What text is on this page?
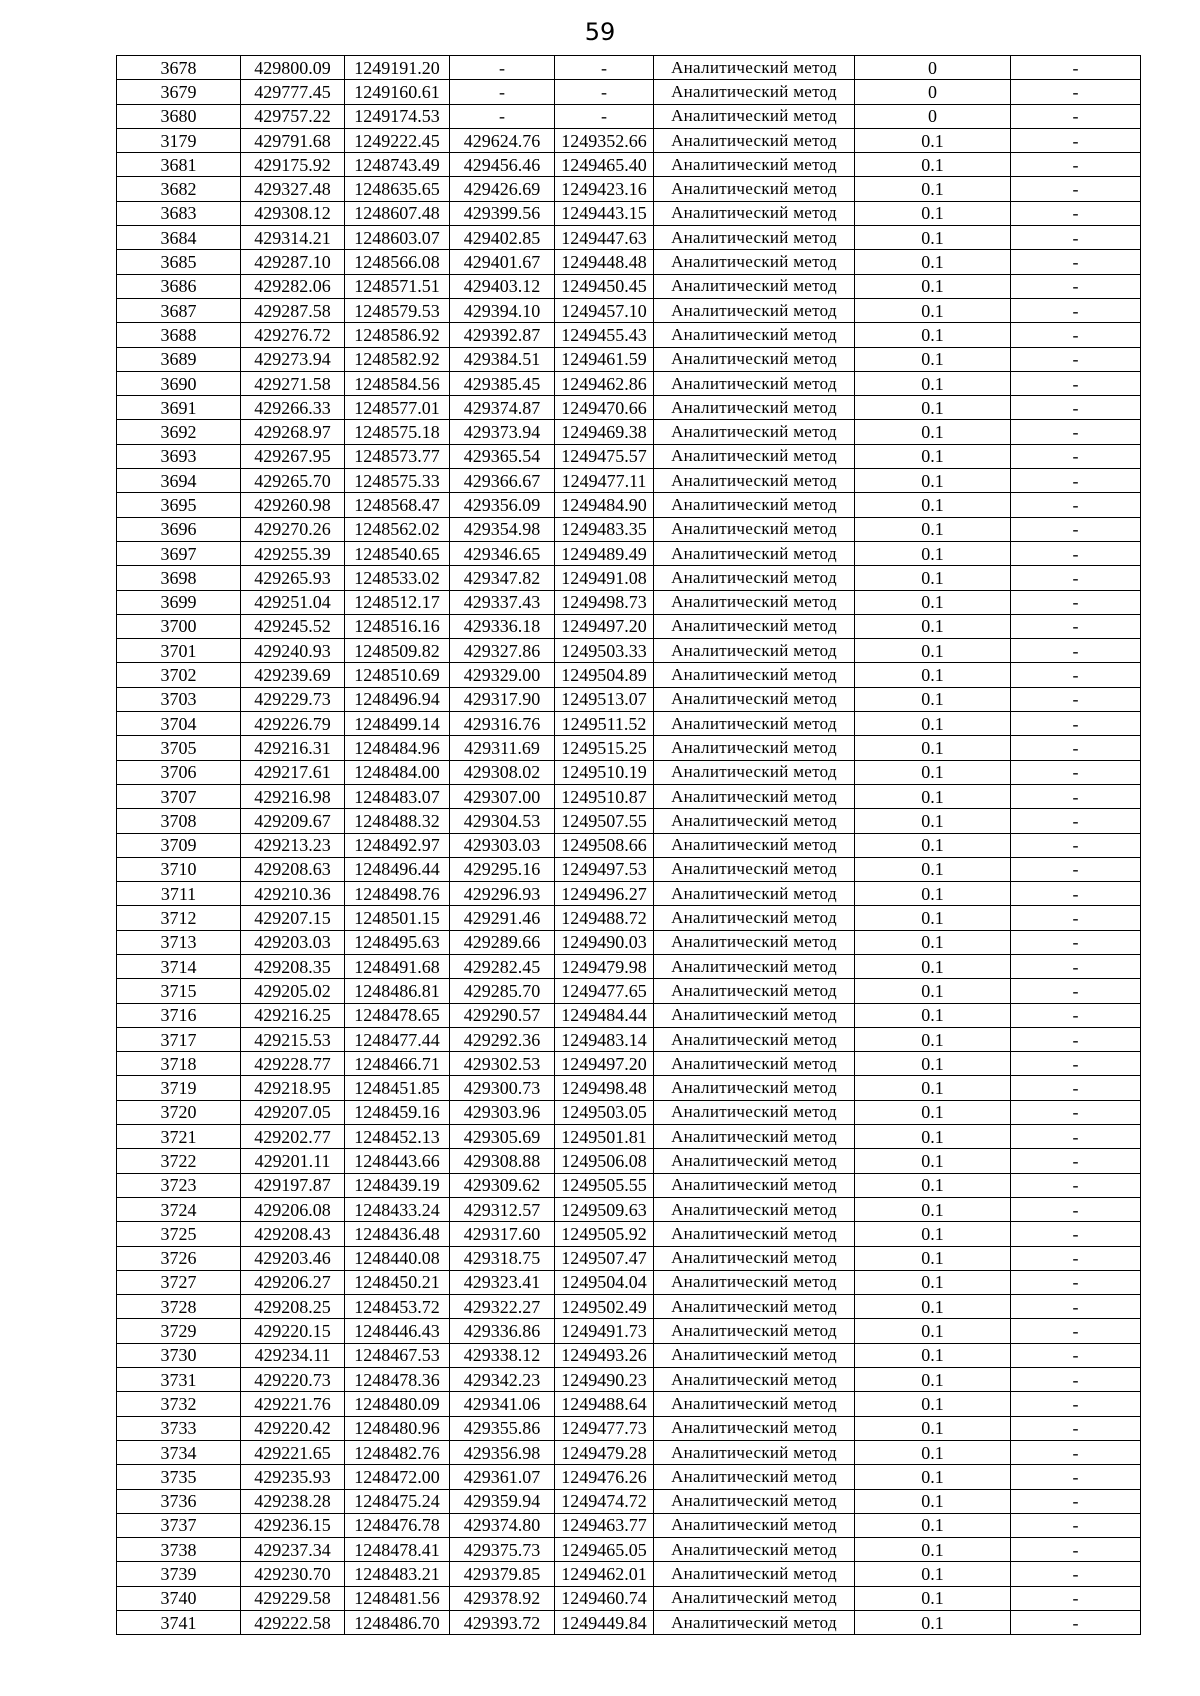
59
3678	429800.09	1249191.20	-	-	Аналитический метод	0	-
3679	429777.45	1249160.61	-	-	Аналитический метод	0	-
3680	429757.22	1249174.53	-	-	Аналитический метод	0	-
3179	429791.68	1249222.45	429624.76	1249352.66	Аналитический метод	0.1	-
3681	429175.92	1248743.49	429456.46	1249465.40	Аналитический метод	0.1	-
3682	429327.48	1248635.65	429426.69	1249423.16	Аналитический метод	0.1	-
3683	429308.12	1248607.48	429399.56	1249443.15	Аналитический метод	0.1	-
3684	429314.21	1248603.07	429402.85	1249447.63	Аналитический метод	0.1	-
3685	429287.10	1248566.08	429401.67	1249448.48	Аналитический метод	0.1	-
3686	429282.06	1248571.51	429403.12	1249450.45	Аналитический метод	0.1	-
3687	429287.58	1248579.53	429394.10	1249457.10	Аналитический метод	0.1	-
3688	429276.72	1248586.92	429392.87	1249455.43	Аналитический метод	0.1	-
3689	429273.94	1248582.92	429384.51	1249461.59	Аналитический метод	0.1	-
3690	429271.58	1248584.56	429385.45	1249462.86	Аналитический метод	0.1	-
3691	429266.33	1248577.01	429374.87	1249470.66	Аналитический метод	0.1	-
3692	429268.97	1248575.18	429373.94	1249469.38	Аналитический метод	0.1	-
3693	429267.95	1248573.77	429365.54	1249475.57	Аналитический метод	0.1	-
3694	429265.70	1248575.33	429366.67	1249477.11	Аналитический метод	0.1	-
3695	429260.98	1248568.47	429356.09	1249484.90	Аналитический метод	0.1	-
3696	429270.26	1248562.02	429354.98	1249483.35	Аналитический метод	0.1	-
3697	429255.39	1248540.65	429346.65	1249489.49	Аналитический метод	0.1	-
3698	429265.93	1248533.02	429347.82	1249491.08	Аналитический метод	0.1	-
3699	429251.04	1248512.17	429337.43	1249498.73	Аналитический метод	0.1	-
3700	429245.52	1248516.16	429336.18	1249497.20	Аналитический метод	0.1	-
3701	429240.93	1248509.82	429327.86	1249503.33	Аналитический метод	0.1	-
3702	429239.69	1248510.69	429329.00	1249504.89	Аналитический метод	0.1	-
3703	429229.73	1248496.94	429317.90	1249513.07	Аналитический метод	0.1	-
3704	429226.79	1248499.14	429316.76	1249511.52	Аналитический метод	0.1	-
3705	429216.31	1248484.96	429311.69	1249515.25	Аналитический метод	0.1	-
3706	429217.61	1248484.00	429308.02	1249510.19	Аналитический метод	0.1	-
3707	429216.98	1248483.07	429307.00	1249510.87	Аналитический метод	0.1	-
3708	429209.67	1248488.32	429304.53	1249507.55	Аналитический метод	0.1	-
3709	429213.23	1248492.97	429303.03	1249508.66	Аналитический метод	0.1	-
3710	429208.63	1248496.44	429295.16	1249497.53	Аналитический метод	0.1	-
3711	429210.36	1248498.76	429296.93	1249496.27	Аналитический метод	0.1	-
3712	429207.15	1248501.15	429291.46	1249488.72	Аналитический метод	0.1	-
3713	429203.03	1248495.63	429289.66	1249490.03	Аналитический метод	0.1	-
3714	429208.35	1248491.68	429282.45	1249479.98	Аналитический метод	0.1	-
3715	429205.02	1248486.81	429285.70	1249477.65	Аналитический метод	0.1	-
3716	429216.25	1248478.65	429290.57	1249484.44	Аналитический метод	0.1	-
3717	429215.53	1248477.44	429292.36	1249483.14	Аналитический метод	0.1	-
3718	429228.77	1248466.71	429302.53	1249497.20	Аналитический метод	0.1	-
3719	429218.95	1248451.85	429300.73	1249498.48	Аналитический метод	0.1	-
3720	429207.05	1248459.16	429303.96	1249503.05	Аналитический метод	0.1	-
3721	429202.77	1248452.13	429305.69	1249501.81	Аналитический метод	0.1	-
3722	429201.11	1248443.66	429308.88	1249506.08	Аналитический метод	0.1	-
3723	429197.87	1248439.19	429309.62	1249505.55	Аналитический метод	0.1	-
3724	429206.08	1248433.24	429312.57	1249509.63	Аналитический метод	0.1	-
3725	429208.43	1248436.48	429317.60	1249505.92	Аналитический метод	0.1	-
3726	429203.46	1248440.08	429318.75	1249507.47	Аналитический метод	0.1	-
3727	429206.27	1248450.21	429323.41	1249504.04	Аналитический метод	0.1	-
3728	429208.25	1248453.72	429322.27	1249502.49	Аналитический метод	0.1	-
3729	429220.15	1248446.43	429336.86	1249491.73	Аналитический метод	0.1	-
3730	429234.11	1248467.53	429338.12	1249493.26	Аналитический метод	0.1	-
3731	429220.73	1248478.36	429342.23	1249490.23	Аналитический метод	0.1	-
3732	429221.76	1248480.09	429341.06	1249488.64	Аналитический метод	0.1	-
3733	429220.42	1248480.96	429355.86	1249477.73	Аналитический метод	0.1	-
3734	429221.65	1248482.76	429356.98	1249479.28	Аналитический метод	0.1	-
3735	429235.93	1248472.00	429361.07	1249476.26	Аналитический метод	0.1	-
3736	429238.28	1248475.24	429359.94	1249474.72	Аналитический метод	0.1	-
3737	429236.15	1248476.78	429374.80	1249463.77	Аналитический метод	0.1	-
3738	429237.34	1248478.41	429375.73	1249465.05	Аналитический метод	0.1	-
3739	429230.70	1248483.21	429379.85	1249462.01	Аналитический метод	0.1	-
3740	429229.58	1248481.56	429378.92	1249460.74	Аналитический метод	0.1	-
3741	429222.58	1248486.70	429393.72	1249449.84	Аналитический метод	0.1	-
